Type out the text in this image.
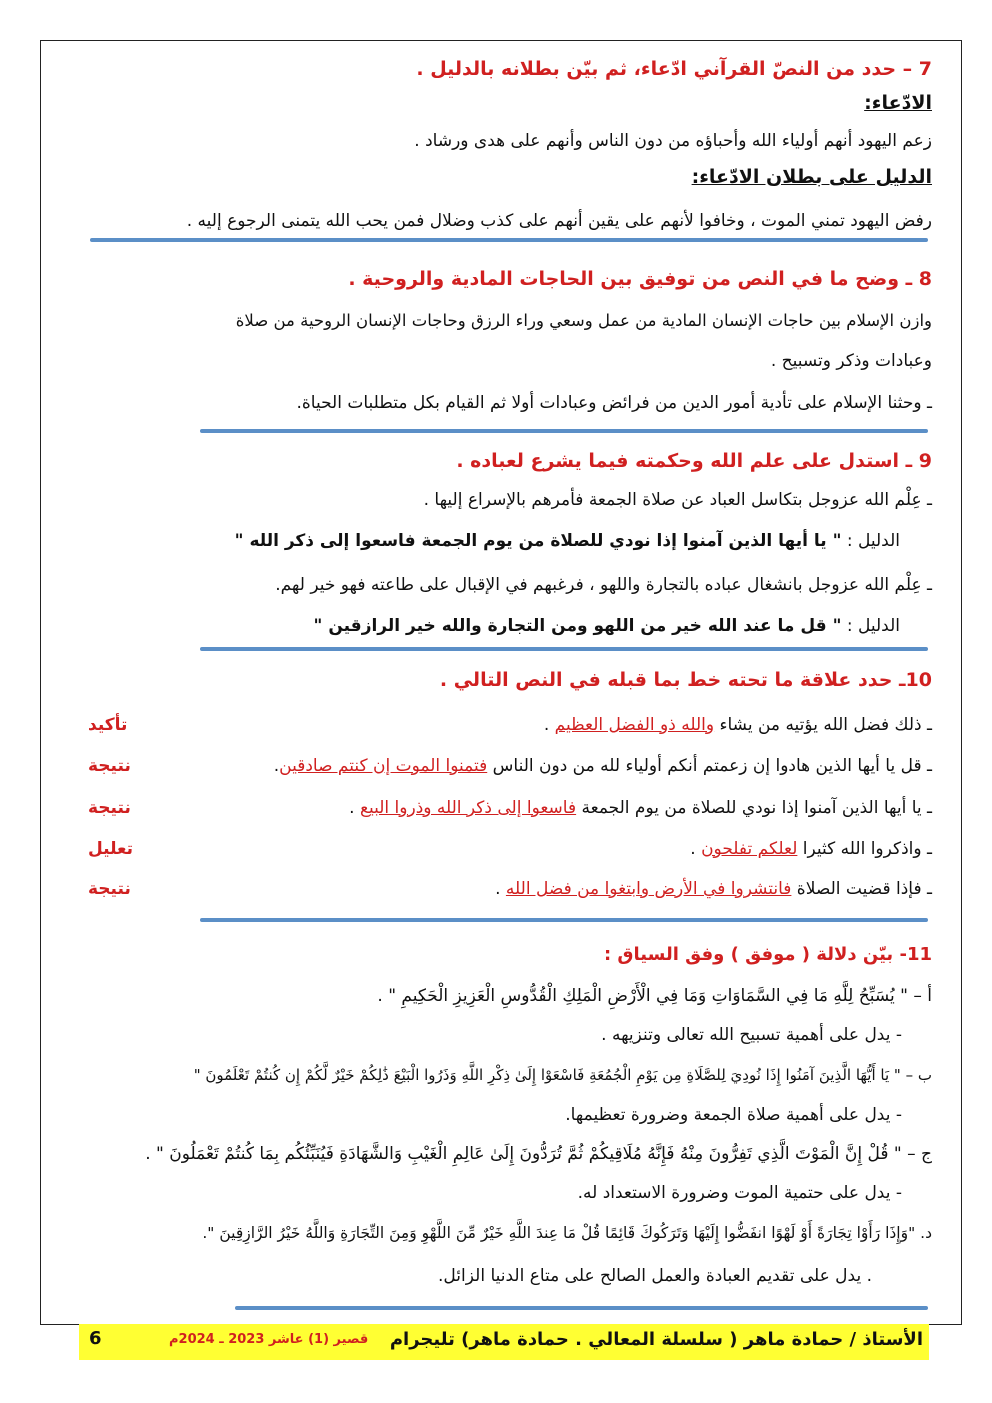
7 – حدد من النصّ القرآني ادّعاء، ثم بيّن بطلانه بالدليل .
الادّعاء:
زعم اليهود أنهم أولياء الله وأحباؤه من دون الناس وأنهم على هدى ورشاد .
الدليل على بطلان الادّعاء:
رفض اليهود تمني الموت ، وخافوا لأنهم على يقين أنهم على كذب وضلال فمن يحب الله يتمنى الرجوع إليه .
8 ـ وضح ما في النص من توفيق بين الحاجات المادية والروحية .
وازن الإسلام بين حاجات الإنسان المادية من عمل وسعي وراء الرزق وحاجات الإنسان الروحية من صلاة
وعبادات وذكر وتسبيح .
ـ وحثنا الإسلام على تأدية أمور الدين من فرائض وعبادات أولا ثم القيام بكل متطلبات الحياة.
9 ـ استدل على علم الله وحكمته فيما يشرع لعباده .
ـ عِلْم الله عزوجل بتكاسل العباد عن صلاة الجمعة فأمرهم بالإسراع إليها .
الدليل : " يا أيها الذين آمنوا إذا نودي للصلاة من يوم الجمعة فاسعوا إلى ذكر الله "
ـ عِلْم الله عزوجل بانشغال عباده بالتجارة واللهو ، فرغبهم في الإقبال على طاعته فهو خير لهم.
الدليل : " قل ما عند الله خير من اللهو ومن التجارة والله خير الرازقين "
10ـ حدد علاقة ما تحته خط بما قبله في النص التالي .
ـ ذلك فضل الله يؤتيه من يشاء والله ذو الفضل العظيم .
تأكيد
ـ قل يا أيها الذين هادوا إن زعمتم أنكم أولياء لله من دون الناس فتمنوا الموت إن كنتم صادقين.
نتيجة
ـ يا أيها الذين آمنوا إذا نودي للصلاة من يوم الجمعة فاسعوا إلى ذكر الله وذروا البيع .
نتيجة
ـ واذكروا الله كثيرا لعلكم تفلحون .
تعليل
ـ فإذا قضيت الصلاة فانتشروا في الأرض وابتغوا من فضل الله .
نتيجة
11- بيّن دلالة ( موفق ) وفق السياق :
أ – " يُسَبِّحُ لِلَّهِ مَا فِي السَّمَاوَاتِ وَمَا فِي الْأَرْضِ الْمَلِكِ الْقُدُّوسِ الْعَزِيزِ الْحَكِيمِ " .
- يدل على أهمية تسبيح الله تعالى وتنزيهه .
ب – " يَا أَيُّهَا الَّذِينَ آمَنُوا إِذَا نُودِيَ لِلصَّلَاةِ مِن يَوْمِ الْجُمُعَةِ فَاسْعَوْا إِلَىٰ ذِكْرِ اللَّهِ وَذَرُوا الْبَيْعَ ذَٰلِكُمْ خَيْرٌ لَّكُمْ إِن كُنتُمْ تَعْلَمُونَ "
- يدل على أهمية صلاة الجمعة وضرورة تعظيمها.
ج – " قُلْ إِنَّ الْمَوْتَ الَّذِي تَفِرُّونَ مِنْهُ فَإِنَّهُ مُلَاقِيكُمْ ثُمَّ تُرَدُّونَ إِلَىٰ عَالِمِ الْغَيْبِ وَالشَّهَادَةِ فَيُنَبِّئُكُم بِمَا كُنتُمْ تَعْمَلُونَ " .
- يدل على حتمية الموت وضرورة الاستعداد له.
د. "وَإِذَا رَأَوْا تِجَارَةً أَوْ لَهْوًا انفَضُّوا إِلَيْهَا وَتَرَكُوكَ قَائِمًا قُلْ مَا عِندَ اللَّهِ خَيْرٌ مِّنَ اللَّهْوِ وَمِنَ التِّجَارَةِ وَاللَّهُ خَيْرُ الرَّازِقِينَ ".
. يدل على تقديم العبادة والعمل الصالح على متاع الدنيا الزائل.
الأستاذ / حمادة ماهر ( سلسلة المعالي . حمادة ماهر) تليجرام
قصير (1) عاشر 2023 ـ 2024م
6
